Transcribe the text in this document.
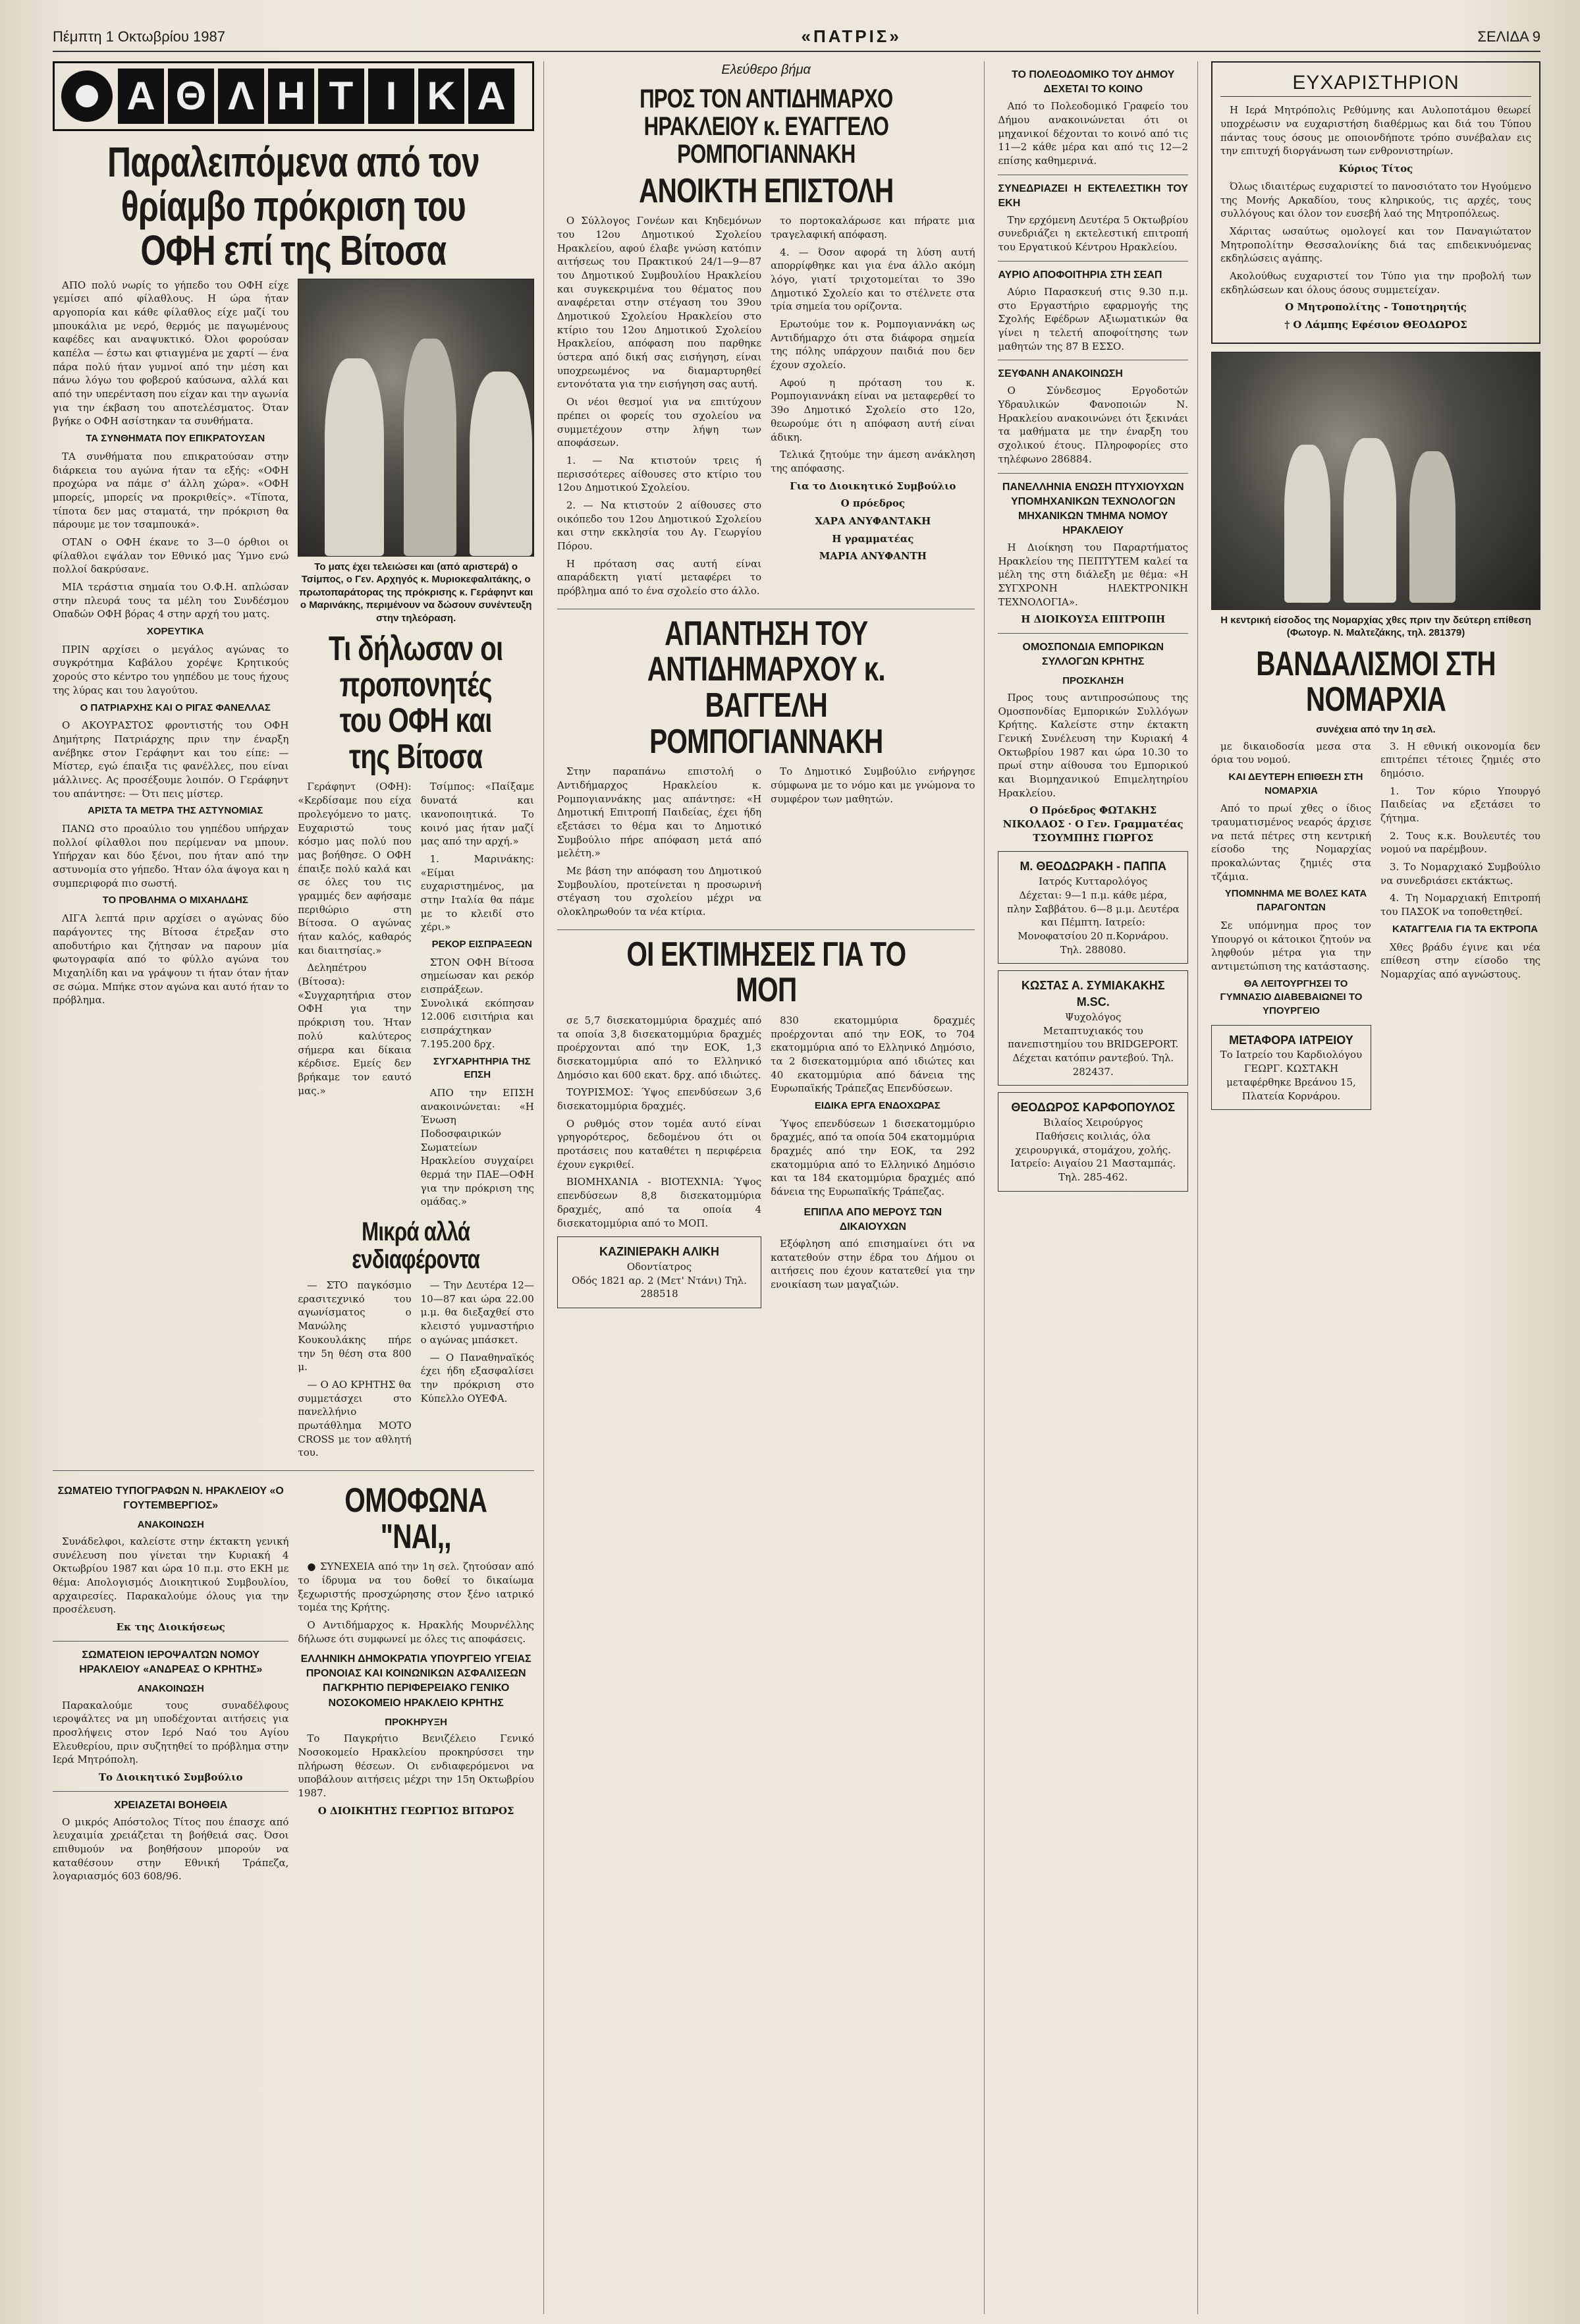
Πέμπτη 1 Οκτωβρίου 1987	«ΠΑΤΡΙΣ»	ΣΕΛΙΔΑ 9
Α Θ Λ Η Τ Ι Κ Α
Παραλειπόμενα από τον θρίαμβο πρόκριση του ΟΦΗ επί της Βίτοσα

ΑΠΟ πολύ νωρίς το γήπεδο του ΟΦΗ είχε γεμίσει από φίλαθλους. Η ώρα ήταν αργοπορία και κάθε φίλαθλος είχε μαζί του μπουκάλια με νερό, θερμός με παγωμένους καφέδες και αναψυκτικό. Όλοι φορούσαν καπέλα — έστω και φτιαγμένα με χαρτί — ένα πάρα πολύ ήταν γυμνοί από την μέση και πάνω λόγω του φοβερού καύσωνα, αλλά και από την υπερένταση που είχαν και την αγωνία για την έκβαση του αποτελέσματος. Όταν βγήκε ο ΟΦΗ ασίστηκαν τα συνθήματα.

ΤΑ ΣΥΝΘΗΜΑΤΑ ΠΟΥ ΕΠΙΚΡΑΤΟΥΣΑΝ

ΤΑ συνθήματα που επικρατούσαν στην διάρκεια του αγώνα ήταν τα εξής: «ΟΦΗ προχώρα να πάμε σ' άλλη χώρα». «ΟΦΗ μπορείς, μπορείς να προκριθείς». «Τίποτα, τίποτα δεν μας σταματά, την πρόκριση θα πάρουμε με τον τσαμπουκά».

ΟΤΑΝ ο ΟΦΗ έκανε το 3—0 όρθιοι οι φίλαθλοι εψάλαν τον Εθνικό μας Ύμνο ενώ πολλοί δακρύσανε.

ΜΙΑ τεράστια σημαία του Ο.Φ.Η. απλώσαν στην πλευρά τους τα μέλη του Συνδέσμου Οπαδών ΟΦΗ βόρας 4 στην αρχή του ματς.

ΧΟΡΕΥΤΙΚΑ

ΠΡΙΝ αρχίσει ο μεγάλος αγώνας το συγκρότημα Καβάλου χορέψε Κρητικούς χορούς στο κέντρο του γηπέδου με τους ήχους της λύρας και του λαγούτου.

Ο ΠΑΤΡΙΑΡΧΗΣ ΚΑΙ Ο ΡΙΓΑΣ ΦΑΝΕΛΛΑΣ

Ο ΑΚΟΥΡΑΣΤΟΣ φροντιστής του ΟΦΗ Δημήτρης Πατριάρχης πριν την έναρξη ανέβηκε στον Γεράφηντ και του είπε: — Μίστερ, εγώ έπαιξα τις φανέλλες, που είναι μάλλινες. Ας προσέξουμε λοιπόν. Ο Γεράφηντ του απάντησε: — Ότι πεις μίστερ.

ΑΡΙΣΤΑ ΤΑ ΜΕΤΡΑ ΤΗΣ ΑΣΤΥΝΟΜΙΑΣ

ΠΑΝΩ στο προαύλιο του γηπέδου υπήρχαν πολλοί φίλαθλοι που περίμεναν να μπουν. Υπήρχαν και δύο ξένοι, που ήταν από την αστυνομία στο γήπεδο. Ήταν όλα άψογα και η συμπεριφορά πιο σωστή.

ΤΟ ΠΡΟΒΛΗΜΑ Ο ΜΙΧΑΗΛΔΗΣ

ΛΙΓΑ λεπτά πριν αρχίσει ο αγώνας δύο παράγοντες της Βίτοσα έτρεξαν στο αποδυτήριο και ζήτησαν να παρουν μία φωτογραφία από το φύλλο αγώνα του Μιχαηλίδη και να γράψουν τι ήταν όταν ήταν σε σώμα. Μπήκε στον αγώνα και αυτό ήταν το πρόβλημα.

Το ματς έχει τελειώσει και (από αριστερά) ο Τσίμπος, ο Γεν. Αρχηγός κ. Μυριοκεφαλιτάκης, ο πρωτοπαράτορας της πρόκρισης κ. Γεράφηντ και ο Μαρινάκης, περιμένουν να δώσουν συνέντευξη στην τηλεόραση.
Τι δήλωσαν οι προπονητές του ΟΦΗ και της Βίτοσα

Γεράφηντ (ΟΦΗ): «Κερδίσαμε που είχα προλεγόμενο το ματς. Ευχαριστώ τους κόσμο μας πολύ που μας βοήθησε. Ο ΟΦΗ έπαιξε πολύ καλά και σε όλες του τις γραμμές δεν αφήσαμε περιθώριο στη Βίτοσα. Ο αγώνας ήταν καλός, καθαρός και διαιτησίας.»

Δεληπέτρου (Βίτοσα): «Συγχαρητήρια στον ΟΦΗ για την πρόκριση του. Ήταν πολύ καλύτερος σήμερα και δίκαια κέρδισε. Εμείς δεν βρήκαμε τον εαυτό μας.»

Τσίμπος: «Παίξαμε δυνατά και ικανοποιητικά. Το κοινό μας ήταν μαζί μας από την αρχή.»

1. Μαρινάκης: «Είμαι ευχαριστημένος, μα στην Ιταλία θα πάμε με το κλειδί στο χέρι.»

ΡΕΚΟΡ ΕΙΣΠΡΑΞΕΩΝ

ΣΤΟΝ ΟΦΗ Βίτοσα σημείωσαν και ρεκόρ εισπράξεων. Συνολικά εκόπησαν 12.006 εισιτήρια και εισπράχτηκαν 7.195.200 δρχ.

ΣΥΓΧΑΡΗΤΗΡΙΑ ΤΗΣ ΕΠΣΗ

ΑΠΟ την ΕΠΣΗ ανακοινώνεται: «Η Ένωση Ποδοσφαιρικών Σωματείων Ηρακλείου συγχαίρει θερμά την ΠΑΕ—ΟΦΗ για την πρόκριση της ομάδας.»

Μικρά αλλά ενδιαφέροντα

— ΣΤΟ παγκόσμιο ερασιτεχνικό του αγωνίσματος ο Μανώλης Κουκουλάκης πήρε την 5η θέση στα 800 μ.

— Ο ΑΟ ΚΡΗΤΗΣ θα συμμετάσχει στο πανελλήνιο πρωτάθλημα MOTO CROSS με τον αθλητή του.

— Την Δευτέρα 12—10—87 και ώρα 22.00 μ.μ. θα διεξαχθεί στο κλειστό γυμναστήριο ο αγώνας μπάσκετ.

— Ο Παναθηναϊκός έχει ήδη εξασφαλίσει την πρόκριση στο Κύπελλο ΟΥΕΦΑ.

ΣΩΜΑΤΕΙΟ ΤΥΠΟΓΡΑΦΩΝ Ν. ΗΡΑΚΛΕΙΟΥ «Ο ΓΟΥΤΕΜΒΕΡΓΙΟΣ»
ΑΝΑΚΟΙΝΩΣΗ

Συνάδελφοι, καλείστε στην έκτακτη γενική συνέλευση που γίνεται την Κυριακή 4 Οκτωβρίου 1987 και ώρα 10 π.μ. στο ΕΚΗ με θέμα: Απολογισμός Διοικητικού Συμβουλίου, αρχαιρεσίες. Παρακαλούμε όλους για την προσέλευση.

Εκ της Διοικήσεως

ΣΩΜΑΤΕΙΟΝ ΙΕΡΟΨΑΛΤΩΝ ΝΟΜΟΥ ΗΡΑΚΛΕΙΟΥ «ΑΝΔΡΕΑΣ Ο ΚΡΗΤΗΣ»
ΑΝΑΚΟΙΝΩΣΗ

Παρακαλούμε τους συναδέλφους ιεροψάλτες να μη υποδέχονται αιτήσεις για προσλήψεις στον Ιερό Ναό του Αγίου Ελευθερίου, πριν συζητηθεί το πρόβλημα στην Ιερά Μητρόπολη.

Το Διοικητικό Συμβούλιο

ΧΡΕΙΑΖΕΤΑΙ ΒΟΗΘΕΙΑ

Ο μικρός Απόστολος Τίτος που έπασχε από λευχαιμία χρειάζεται τη βοήθειά σας. Όσοι επιθυμούν να βοηθήσουν μπορούν να καταθέσουν στην Εθνική Τράπεζα, λογαριασμός 603 608/96.

ΟΜΟΦΩΝΑ "ΝΑΙ,,

● ΣΥΝΕΧΕΙΑ από την 1η σελ. ζητούσαν από το ίδρυμα να του δοθεί το δικαίωμα ξεχωριστής προσχώρησης στον ξένο ιατρικό τομέα της Κρήτης.

Ο Αντιδήμαρχος κ. Ηρακλής Μουρνέλλης δήλωσε ότι συμφωνεί με όλες τις αποφάσεις.

ΕΛΛΗΝΙΚΗ ΔΗΜΟΚΡΑΤΙΑ ΥΠΟΥΡΓΕΙΟ ΥΓΕΙΑΣ ΠΡΟΝΟΙΑΣ ΚΑΙ ΚΟΙΝΩΝΙΚΩΝ ΑΣΦΑΛΙΣΕΩΝ ΠΑΓΚΡΗΤΙΟ ΠΕΡΙΦΕΡΕΙΑΚΟ ΓΕΝΙΚΟ ΝΟΣΟΚΟΜΕΙΟ ΗΡΑΚΛΕΙΟ ΚΡΗΤΗΣ
ΠΡΟΚΗΡΥΞΗ

Το Παγκρήτιο Βενιζέλειο Γενικό Νοσοκομείο Ηρακλείου προκηρύσσει την πλήρωση θέσεων. Οι ενδιαφερόμενοι να υποβάλουν αιτήσεις μέχρι την 15η Οκτωβρίου 1987.

Ο ΔΙΟΙΚΗΤΗΣ ΓΕΩΡΓΙΟΣ ΒΙΤΩΡΟΣ

Ελεύθερο βήμα
ΠΡΟΣ ΤΟΝ ΑΝΤΙΔΗΜΑΡΧΟ ΗΡΑΚΛΕΙΟΥ κ. ΕΥΑΓΓΕΛΟ ΡΟΜΠΟΓΙΑΝΝΑΚΗ
ΑΝΟΙΚΤΗ ΕΠΙΣΤΟΛΗ

Ο Σύλλογος Γονέων και Κηδεμόνων του 12ου Δημοτικού Σχολείου Ηρακλείου, αφού έλαβε γνώση κατόπιν αιτήσεως του Πρακτικού 24/1—9—87 του Δημοτικού Συμβουλίου Ηρακλείου και συγκεκριμένα του θέματος που αναφέρεται στην στέγαση του 39ου Δημοτικού Σχολείου Ηρακλείου στο κτίριο του 12ου Δημοτικού Σχολείου Ηρακλείου, απόφαση που παρθηκε ύστερα από δική σας εισήγηση, είναι υποχρεωμένος να διαμαρτυρηθεί εντονότατα για την εισήγηση σας αυτή.

Οι νέοι θεσμοί για να επιτύχουν πρέπει οι φορείς του σχολείου να συμμετέχουν στην λήψη των αποφάσεων.

1. — Να κτιστούν τρεις ή περισσότερες αίθουσες στο κτίριο του 12ου Δημοτικού Σχολείου.

2. — Να κτιστούν 2 αίθουσες στο οικόπεδο του 12ου Δημοτικού Σχολείου και στην εκκλησία του Αγ. Γεωργίου Πόρου.

Η πρόταση σας αυτή είναι απαράδεκτη γιατί μεταφέρει το πρόβλημα από το ένα σχολείο στο άλλο.

το πορτοκαλάρωσε και πήρατε μια τραγελαφική απόφαση.

4. — Όσον αφορά τη λύση αυτή απορρίφθηκε και για ένα άλλο ακόμη λόγο, γιατί τριχοτομείται το 39ο Δημοτικό Σχολείο και το στέλνετε στα τρία σημεία του ορίζοντα.

Ερωτούμε τον κ. Ρομπογιαννάκη ως Αντιδήμαρχο ότι στα διάφορα σημεία της πόλης υπάρχουν παιδιά που δεν έχουν σχολείο.

Αφού η πρόταση του κ. Ρομπογιαννάκη είναι να μεταφερθεί το 39ο Δημοτικό Σχολείο στο 12ο, θεωρούμε ότι η απόφαση αυτή είναι άδικη.

Τελικά ζητούμε την άμεση ανάκληση της απόφασης.

Για το Διοικητικό Συμβούλιο

Ο πρόεδρος

ΧΑΡΑ ΑΝΥΦΑΝΤΑΚΗ

Η γραμματέας

ΜΑΡΙΑ ΑΝΥΦΑΝΤΗ

ΑΠΑΝΤΗΣΗ ΤΟΥ ΑΝΤΙΔΗΜΑΡΧΟΥ κ. ΒΑΓΓΕΛΗ ΡΟΜΠΟΓΙΑΝΝΑΚΗ

Στην παραπάνω επιστολή ο Αντιδήμαρχος Ηρακλείου κ. Ρομπογιαννάκης μας απάντησε: «Η Δημοτική Επιτροπή Παιδείας, έχει ήδη εξετάσει το θέμα και το Δημοτικό Συμβούλιο πήρε απόφαση μετά από μελέτη.»

Με βάση την απόφαση του Δημοτικού Συμβουλίου, προτείνεται η προσωρινή στέγαση του σχολείου μέχρι να ολοκληρωθούν τα νέα κτίρια.

Το Δημοτικό Συμβούλιο ενήργησε σύμφωνα με το νόμο και με γνώμονα το συμφέρον των μαθητών.

ΟΙ ΕΚΤΙΜΗΣΕΙΣ ΓΙΑ ΤΟ ΜΟΠ

σε 5,7 δισεκατομμύρια δραχμές από τα οποία 3,8 δισεκατομμύρια δραχμές προέρχονται από την ΕΟΚ, 1,3 δισεκατομμύρια από το Ελληνικό Δημόσιο και 600 εκατ. δρχ. από ιδιώτες.

ΤΟΥΡΙΣΜΟΣ: Ύψος επενδύσεων 3,6 δισεκατομμύρια δραχμές.

Ο ρυθμός στον τομέα αυτό είναι γρηγορότερος, δεδομένου ότι οι προτάσεις που καταθέτει η περιφέρεια έχουν εγκριθεί.

ΒΙΟΜΗΧΑΝΙΑ - ΒΙΟΤΕΧΝΙΑ: Ύψος επενδύσεων 8,8 δισεκατομμύρια δραχμές, από τα οποία 4 δισεκατομμύρια από το ΜΟΠ.

ΚΑΖΙΝΙΕΡΑΚΗ ΑΛΙΚΗ
Οδοντίατρος
Οδός 1821 αρ. 2 (Μετ' Ντάνι) Τηλ. 288518

830 εκατομμύρια δραχμές προέρχονται από την ΕΟΚ, το 704 εκατομμύρια από το Ελληνικό Δημόσιο, τα 2 δισεκατομμύρια από ιδιώτες και 40 εκατομμύρια από δάνεια της Ευρωπαϊκής Τράπεζας Επενδύσεων.

ΕΙΔΙΚΑ ΕΡΓΑ ΕΝΔΟΧΩΡΑΣ

Ύψος επενδύσεων 1 δισεκατομμύριο δραχμές, από τα οποία 504 εκατομμύρια δραχμές από την ΕΟΚ, τα 292 εκατομμύρια από το Ελληνικό Δημόσιο και τα 184 εκατομμύρια δραχμές από δάνεια της Ευρωπαϊκής Τράπεζας.

ΕΠΙΠΛΑ ΑΠΟ ΜΕΡΟΥΣ ΤΩΝ ΔΙΚΑΙΟΥΧΩΝ

Εξόφληση από επισημαίνει ότι να κατατεθούν στην έδρα του Δήμου οι αιτήσεις που έχουν κατατεθεί για την ενοικίαση των μαγαζιών.

ΤΟ ΠΟΛΕΟΔΟΜΙΚΟ ΤΟΥ ΔΗΜΟΥ ΔΕΧΕΤΑΙ ΤΟ ΚΟΙΝΟ

Από το Πολεοδομικό Γραφείο του Δήμου ανακοινώνεται ότι οι μηχανικοί δέχονται το κοινό από τις 11—2 κάθε μέρα και από τις 12—2 επίσης καθημερινά.

ΣΥΝΕΔΡΙΑΖΕΙ Η ΕΚΤΕΛΕΣΤΙΚΗ ΤΟΥ ΕΚΗ

Την ερχόμενη Δευτέρα 5 Οκτωβρίου συνεδριάζει η εκτελεστική επιτροπή του Εργατικού Κέντρου Ηρακλείου.

ΑΥΡΙΟ ΑΠΟΦΟΙΤΗΡΙΑ ΣΤΗ ΣΕΑΠ

Αύριο Παρασκευή στις 9.30 π.μ. στο Εργαστήριο εφαρμογής της Σχολής Εφέδρων Αξιωματικών θα γίνει η τελετή αποφοίτησης των μαθητών της 87 Β ΕΣΣΟ.

ΣΕΥΦΑΝΗ ΑΝΑΚΟΙΝΩΣΗ

Ο Σύνδεσμος Εργοδοτών Υδραυλικών Φανοποιών Ν. Ηρακλείου ανακοινώνει ότι ξεκινάει τα μαθήματα με την έναρξη του σχολικού έτους. Πληροφορίες στο τηλέφωνο 286884.

ΠΑΝΕΛΛΗΝΙΑ ΕΝΩΣΗ ΠΤΥΧΙΟΥΧΩΝ ΥΠΟΜΗΧΑΝΙΚΩΝ ΤΕΧΝΟΛΟΓΩΝ ΜΗΧΑΝΙΚΩΝ ΤΜΗΜΑ ΝΟΜΟΥ ΗΡΑΚΛΕΙΟΥ

Η Διοίκηση του Παραρτήματος Ηρακλείου της ΠΕΠΤΥΤΕΜ καλεί τα μέλη της στη διάλεξη με θέμα: «Η ΣΥΓΧΡΟΝΗ ΗΛΕΚΤΡΟΝΙΚΗ ΤΕΧΝΟΛΟΓΙΑ».

Η ΔΙΟΙΚΟΥΣΑ ΕΠΙΤΡΟΠΗ

ΟΜΟΣΠΟΝΔΙΑ ΕΜΠΟΡΙΚΩΝ ΣΥΛΛΟΓΩΝ ΚΡΗΤΗΣ
ΠΡΟΣΚΛΗΣΗ

Προς τους αντιπροσώπους της Ομοσπονδίας Εμπορικών Συλλόγων Κρήτης. Καλείστε στην έκτακτη Γενική Συνέλευση την Κυριακή 4 Οκτωβρίου 1987 και ώρα 10.30 το πρωί στην αίθουσα του Εμπορικού και Βιομηχανικού Επιμελητηρίου Ηρακλείου.

Ο Πρόεδρος ΦΩΤΑΚΗΣ ΝΙΚΟΛΑΟΣ · Ο Γεν. Γραμματέας ΤΣΟΥΜΠΗΣ ΓΙΩΡΓΟΣ

Μ. ΘΕΟΔΩΡΑΚΗ - ΠΑΠΠΑ
Ιατρός Κυτταρολόγος
Δέχεται: 9—1 π.μ. κάθε μέρα, πλην Σαββάτου. 6—8 μ.μ. Δευτέρα και Πέμπτη. Ιατρείο: Μονοφατσίου 20 π.Κορνάρου. Τηλ. 288080.
ΚΩΣΤΑΣ Α. ΣΥΜΙΑΚΑΚΗΣ M.SC.
Ψυχολόγος
Μεταπτυχιακός του πανεπιστημίου του BRIDGEPORT. Δέχεται κατόπιν ραντεβού. Τηλ. 282437.
ΘΕΟΔΩΡΟΣ ΚΑΡΦΟΠΟΥΛΟΣ
Βιλαίος Χειρούργος
Παθήσεις κοιλιάς, όλα χειρουργικά, στομάχου, χολής. Ιατρείο: Αιγαίου 21 Μασταμπάς. Τηλ. 285-462.
ΕΥΧΑΡΙΣΤΗΡΙΟΝ

Η Ιερά Μητρόπολις Ρεθύμνης και Αυλοποτάμου θεωρεί υποχρέωσιν να ευχαριστήση διαθέρμως και διά του Τύπου πάντας τους όσους με οποιονδήποτε τρόπο συνέβαλαν εις την επιτυχή διοργάνωση των ενθρονιστηρίων.

Κύριος Τίτος

Όλως ιδιαιτέρως ευχαριστεί το πανοσιότατο τον Ηγούμενο της Μονής Αρκαδίου, τους κληρικούς, τις αρχές, τους συλλόγους και όλον τον ευσεβή λαό της Μητροπόλεως.

Χάριτας ωσαύτως ομολογεί και τον Παναγιώτατον Μητροπολίτην Θεσσαλονίκης διά τας επιδεικνυόμενας εκδηλώσεις αγάπης.

Ακολούθως ευχαριστεί τον Τύπο για την προβολή των εκδηλώσεων και όλους όσους συμμετείχαν.

Ο Μητροπολίτης - Τοποτηρητής

† Ο Λάμπης Εφέσιον ΘΕΟΔΩΡΟΣ

Η κεντρική είσοδος της Νομαρχίας χθες πριν την δεύτερη επίθεση (Φωτογρ. Ν. Μαλτεζάκης, τηλ. 281379)
ΒΑΝΔΑΛΙΣΜΟΙ ΣΤΗ ΝΟΜΑΡΧΙΑ
συνέχεια από την 1η σελ.

με δικαιοδοσία μεσα στα όρια του νομού.

ΚΑΙ ΔΕΥΤΕΡΗ ΕΠΙΘΕΣΗ ΣΤΗ ΝΟΜΑΡΧΙΑ

Από το πρωί χθες ο ίδιος τραυματισμένος νεαρός άρχισε να πετά πέτρες στη κεντρική είσοδο της Νομαρχίας προκαλώντας ζημιές στα τζάμια.

ΥΠΟΜΝΗΜΑ ΜΕ ΒΟΛΕΣ ΚΑΤΑ ΠΑΡΑΓΟΝΤΩΝ

Σε υπόμνημα προς τον Υπουργό οι κάτοικοι ζητούν να ληφθούν μέτρα για την αντιμετώπιση της κατάστασης.

ΘΑ ΛΕΙΤΟΥΡΓΗΣΕΙ ΤΟ ΓΥΜΝΑΣΙΟ ΔΙΑΒΕΒΑΙΩΝΕΙ ΤΟ ΥΠΟΥΡΓΕΙΟ

ΜΕΤΑΦΟΡΑ ΙΑΤΡΕΙΟΥ
Το Ιατρείο του Καρδιολόγου ΓΕΩΡΓ. ΚΩΣΤΑΚΗ μεταφέρθηκε Βρεάνου 15, Πλατεία Κορνάρου.

3. Η εθνική οικονομία δεν επιτρέπει τέτοιες ζημιές στο δημόσιο.

1. Τον κύριο Υπουργό Παιδείας να εξετάσει το ζήτημα.

2. Τους κ.κ. Βουλευτές του νομού να παρέμβουν.

3. Το Νομαρχιακό Συμβούλιο να συνεδριάσει εκτάκτως.

4. Τη Νομαρχιακή Επιτροπή του ΠΑΣΟΚ να τοποθετηθεί.

ΚΑΤΑΓΓΕΛΙΑ ΓΙΑ ΤΑ ΕΚΤΡΟΠΑ

Χθες βράδυ έγινε και νέα επίθεση στην είσοδο της Νομαρχίας από αγνώστους.
